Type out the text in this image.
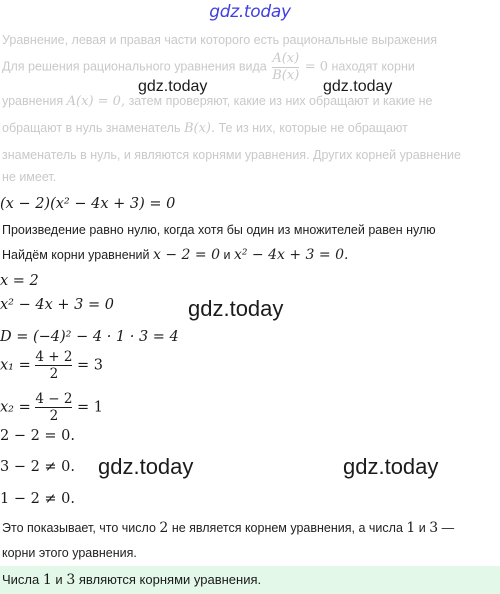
gdz.today
Уравнение, левая и правая части которого есть рациональные выражения
Для решения рационального уравнения вида $\frac{A(x)}{B(x)} = 0$ находят корни
уравнения A(x) = 0, затем проверяют, какие из них обращают и какие не
обращают в нуль знаменатель B(x). Те из них, которые не обращают
знаменатель в нуль, и являются корнями уравнения. Других корней уравнение
не имеет.
gdz.today	gdz.today
(x − 2)(x² − 4x + 3) = 0
Произведение равно нулю, когда хотя бы один из множителей равен нулю
Найдём корни уравнений x − 2 = 0 и x² − 4x + 3 = 0.
x = 2
x² − 4x + 3 = 0	gdz.today
D = (−4)² − 4 · 1 · 3 = 4
$x_1 = \frac{4 + 2}{2} = 3$
$x_2 = \frac{4 - 2}{2} = 1$
2 − 2 = 0.
3 − 2 ≠ 0. gdz.today	gdz.today
1 − 2 ≠ 0.
Это показывает, что число 2 не является корнем уравнения, а числа 1 и 3 —
корни этого уравнения.
Числа 1 и 3 являются корнями уравнения.
